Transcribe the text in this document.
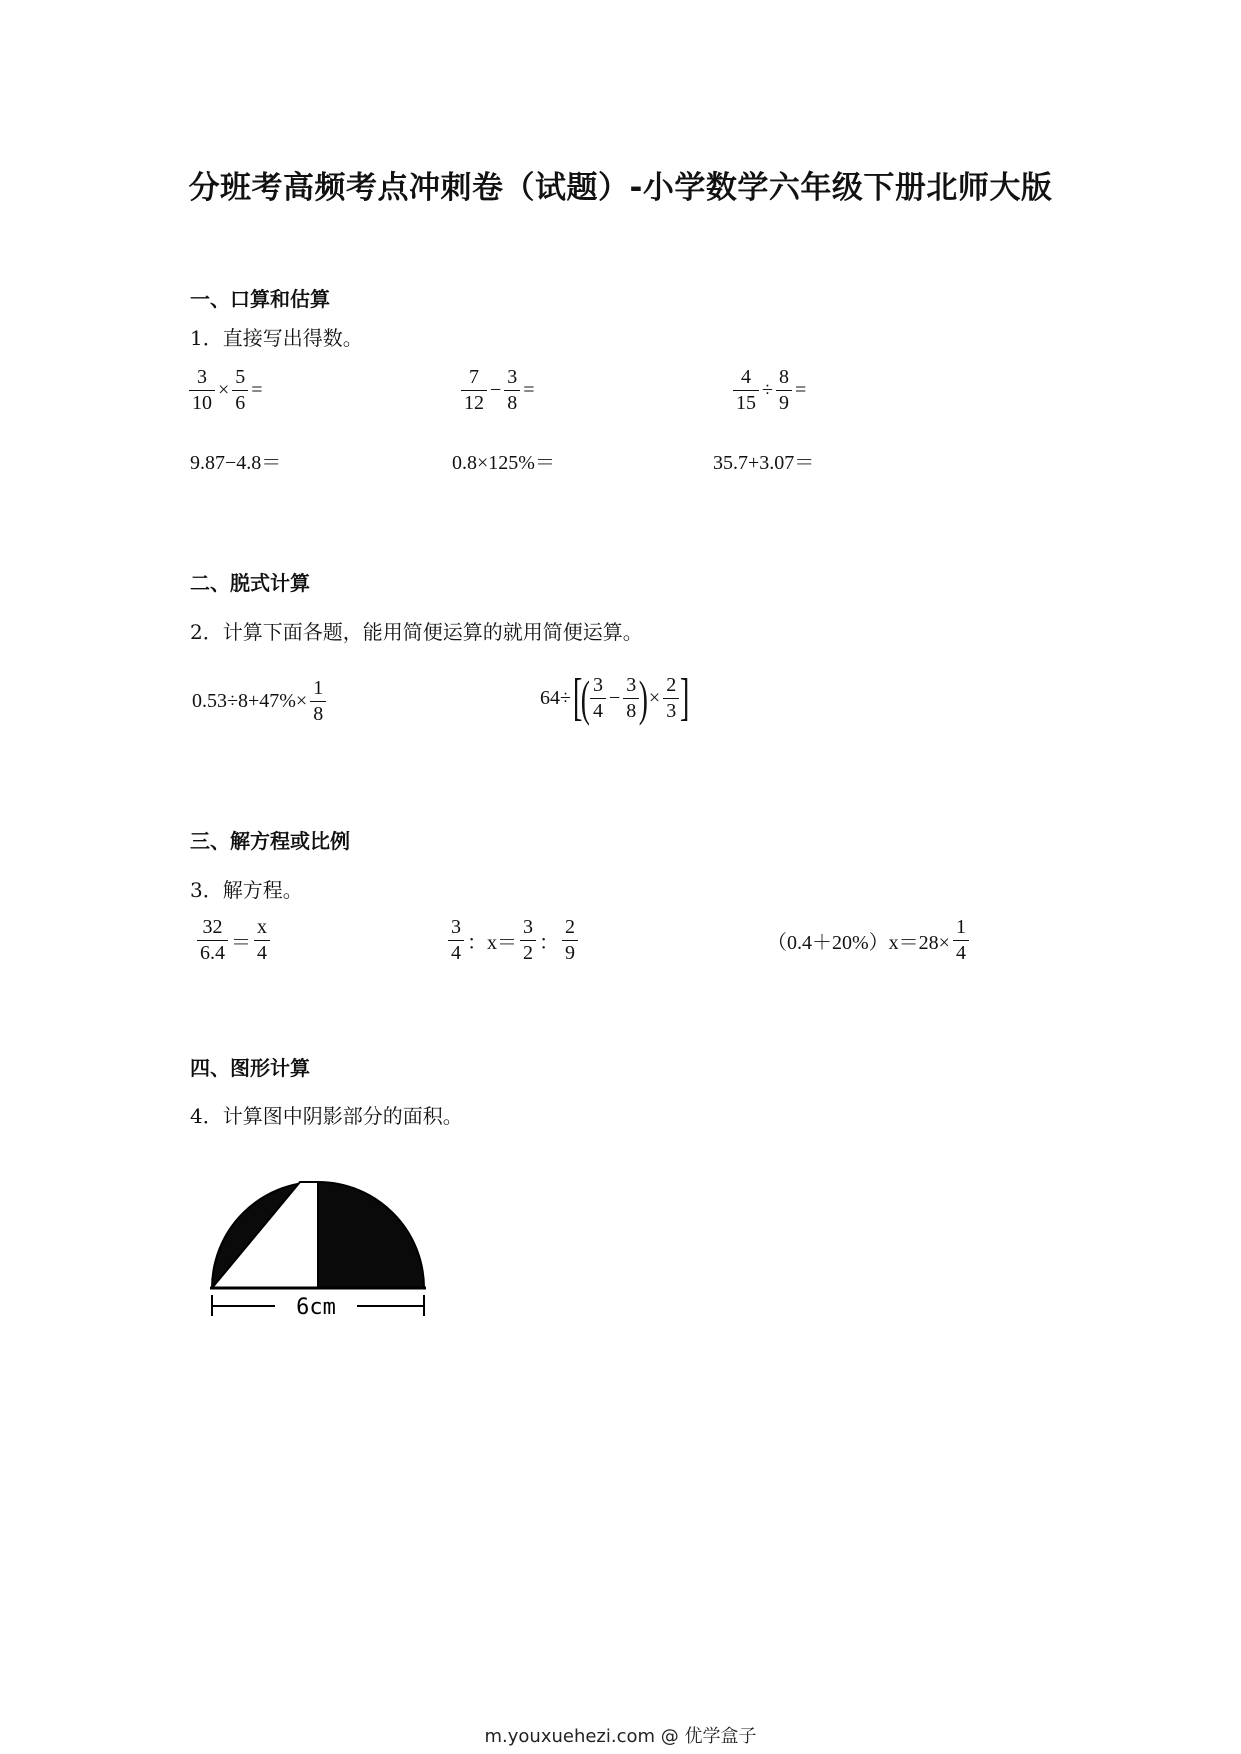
分班考高频考点冲刺卷（试题）-小学数学六年级下册北师大版
一、口算和估算
1．直接写出得数。
$\frac{3}{10} \times \frac{5}{6}$ =	$\frac{7}{12} - \frac{3}{8}$ =	$\frac{4}{15} \div \frac{8}{9}$ =
9.87−4.8＝	0.8×125%＝	35.7+3.07＝
二、脱式计算
2．计算下面各题，能用简便运算的就用简便运算。
$0.53\div 8+47\%\times \frac{1}{8}$	$64\div[( \frac{3}{4} - \frac{3}{8}$ )× $\frac{2}{3}$ ]
三、解方程或比例
3．解方程。
$\frac{32}{6.4} = \frac{x}{4}$	$\frac{3}{4}$ ：$x= \frac{3}{2}$ ： $\frac{2}{9}$	$(0.4+20\%)x=28\times \frac{1}{4}$
四、图形计算
4．计算图中阴影部分的面积。
6cm
m.youxuehezi.com @ 优学盒子
